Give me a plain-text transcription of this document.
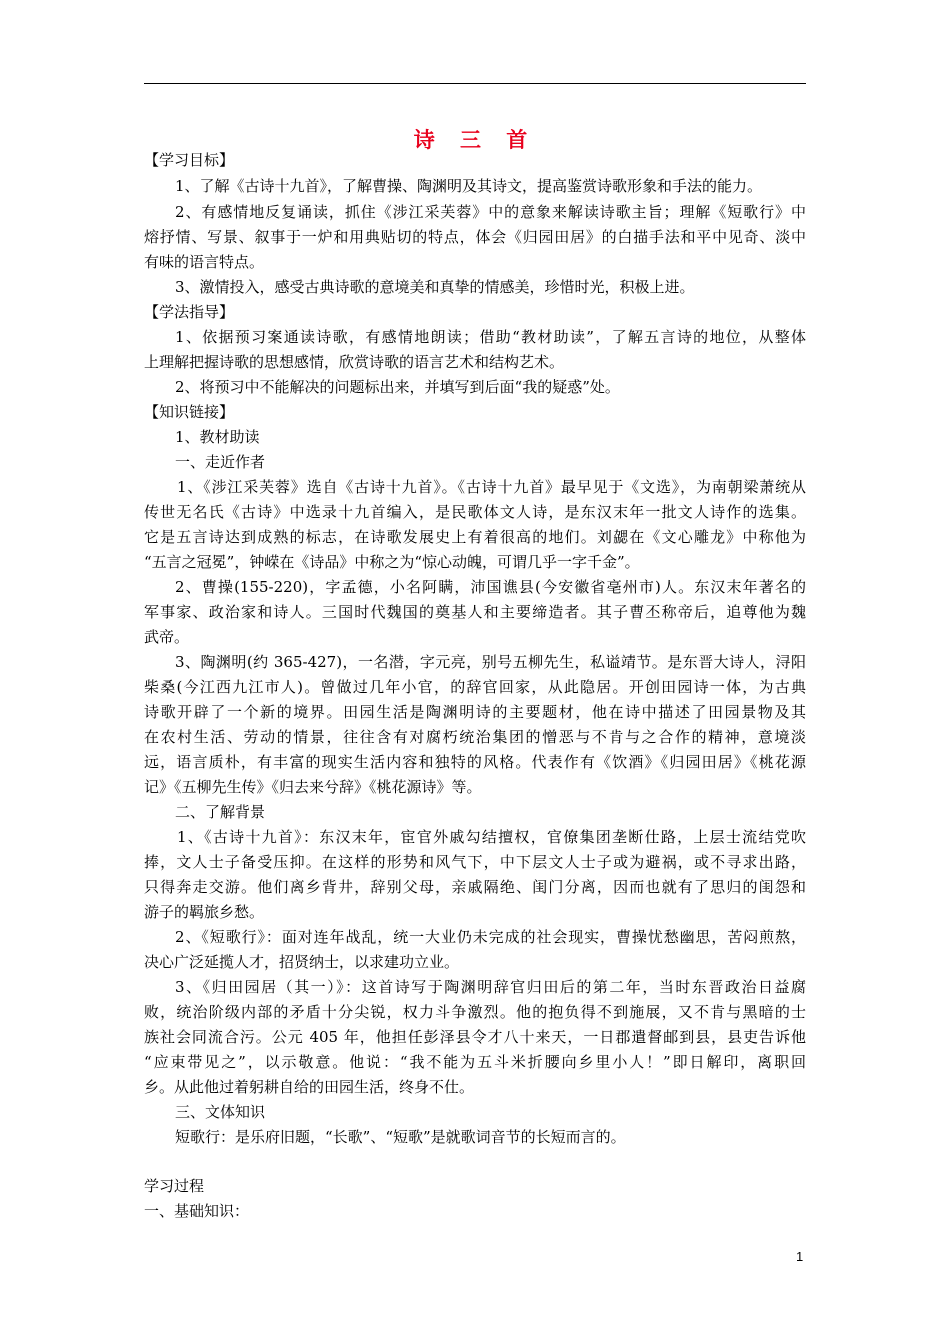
诗 三 首
【学习目标】
1、了解《古诗十九首》，了解曹操、陶渊明及其诗文，提高鉴赏诗歌形象和手法的能力。
2、有感情地反复诵读，抓住《涉江采芙蓉》中的意象来解读诗歌主旨；理解《短歌行》中
熔抒情、写景、叙事于一炉和用典贴切的特点，体会《归园田居》的白描手法和平中见奇、淡中
有味的语言特点。
3、激情投入，感受古典诗歌的意境美和真挚的情感美，珍惜时光，积极上进。
【学法指导】
1、依据预习案通读诗歌，有感情地朗读；借助“教材助读”，了解五言诗的地位，从整体
上理解把握诗歌的思想感情，欣赏诗歌的语言艺术和结构艺术。
2、将预习中不能解决的问题标出来，并填写到后面“我的疑惑”处。
【知识链接】
1、教材助读
一、走近作者
1、《涉江采芙蓉》选自《古诗十九首》。《古诗十九首》最早见于《文选》，为南朝梁萧统从
传世无名氏《古诗》中选录十九首编入，是民歌体文人诗，是东汉末年一批文人诗作的选集。
它是五言诗达到成熟的标志，在诗歌发展史上有着很高的地们。刘勰在《文心雕龙》中称他为
“五言之冠冕”，钟嵘在《诗品》中称之为“惊心动魄，可谓几乎一字千金”。
2、曹操(155-220)，字孟德，小名阿瞒，沛国谯县(今安徽省亳州市)人。东汉末年著名的
军事家、政治家和诗人。三国时代魏国的奠基人和主要缔造者。其子曹丕称帝后，追尊他为魏
武帝。
3、陶渊明(约 365-427)，一名潜，字元亮，别号五柳先生，私谥靖节。是东晋大诗人，浔阳
柴桑(今江西九江市人)。曾做过几年小官，的辞官回家，从此隐居。开创田园诗一体，为古典
诗歌开辟了一个新的境界。田园生活是陶渊明诗的主要题材，他在诗中描述了田园景物及其
在农村生活、劳动的情景，往往含有对腐朽统治集团的憎恶与不肯与之合作的精神，意境淡
远，语言质朴，有丰富的现实生活内容和独特的风格。代表作有《饮酒》《归园田居》《桃花源
记》《五柳先生传》《归去来兮辞》《桃花源诗》等。
二、了解背景
1、《古诗十九首》：东汉末年，宦官外戚勾结擅权，官僚集团垄断仕路，上层士流结党吹
捧，文人士子备受压抑。在这样的形势和风气下，中下层文人士子或为避祸，或不寻求出路，
只得奔走交游。他们离乡背井，辞别父母，亲戚隔绝、闺门分离，因而也就有了思归的闺怨和
游子的羁旅乡愁。
2、《短歌行》：面对连年战乱，统一大业仍未完成的社会现实，曹操忧愁幽思，苦闷煎熬，
决心广泛延揽人才，招贤纳士，以求建功立业。
3、《归田园居（其一）》：这首诗写于陶渊明辞官归田后的第二年，当时东晋政治日益腐
败，统治阶级内部的矛盾十分尖锐，权力斗争激烈。他的抱负得不到施展，又不肯与黑暗的士
族社会同流合污。公元 405 年，他担任彭泽县令才八十来天，一日郡遣督邮到县，县吏告诉他
“应束带见之”，以示敬意。他说：“我不能为五斗米折腰向乡里小人！”即日解印，离职回
乡。从此他过着躬耕自给的田园生活，终身不仕。
三、文体知识
短歌行：是乐府旧题，“长歌”、“短歌”是就歌词音节的长短而言的。
学习过程
一、基础知识：
1
